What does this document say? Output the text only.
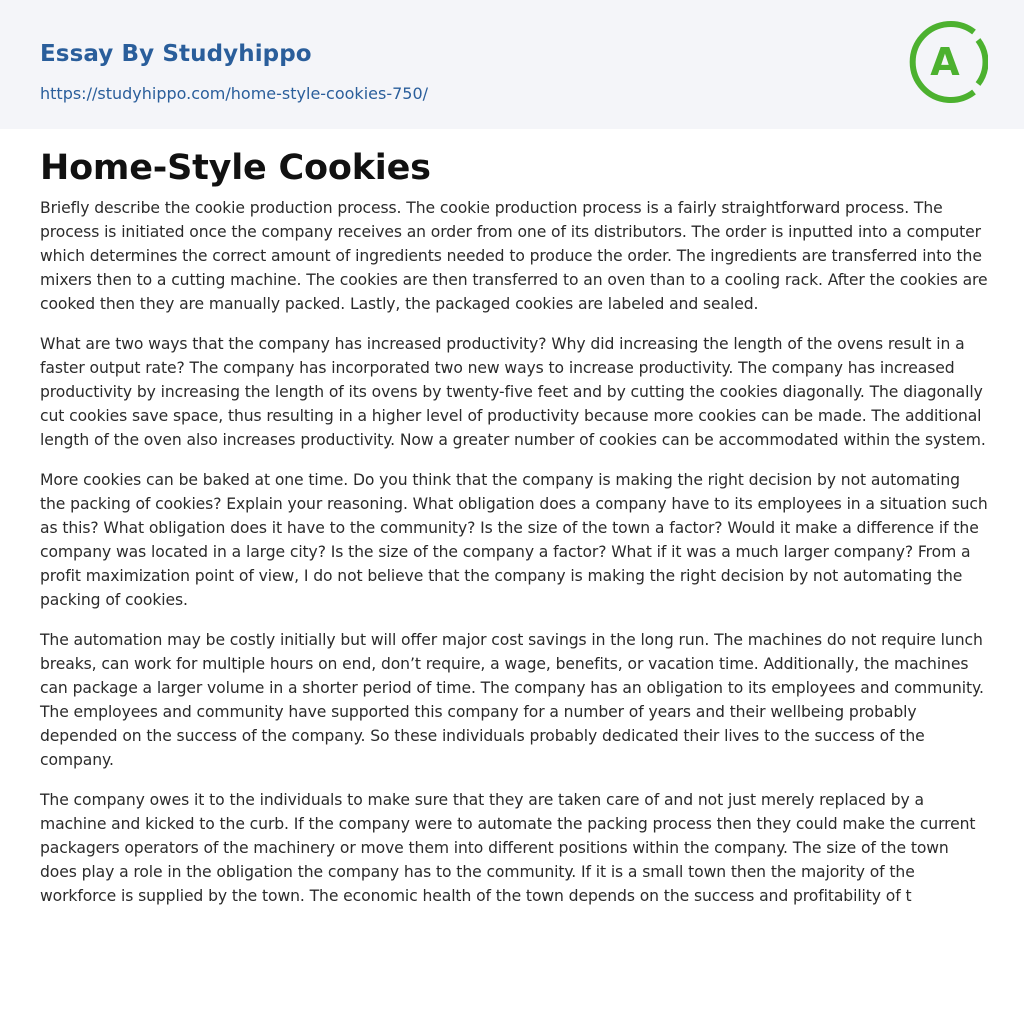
Essay By Studyhippo
https://studyhippo.com/home-style-cookies-750/
A
Home-Style Cookies

Briefly describe the cookie production process. The cookie production process is a fairly straightforward process. The process is initiated once the company receives an order from one of its distributors. The order is inputted into a computer which determines the correct amount of ingredients needed to produce the order. The ingredients are transferred into the mixers then to a cutting machine. The cookies are then transferred to an oven than to a cooling rack. After the cookies are cooked then they are manually packed. Lastly, the packaged cookies are labeled and sealed.

What are two ways that the company has increased productivity? Why did increasing the length of the ovens result in a faster output rate? The company has incorporated two new ways to increase productivity. The company has increased productivity by increasing the length of its ovens by twenty-five feet and by cutting the cookies diagonally. The diagonally cut cookies save space, thus resulting in a higher level of productivity because more cookies can be made. The additional length of the oven also increases productivity. Now a greater number of cookies can be accommodated within the system.

More cookies can be baked at one time. Do you think that the company is making the right decision by not automating the packing of cookies? Explain your reasoning. What obligation does a company have to its employees in a situation such as this? What obligation does it have to the community? Is the size of the town a factor? Would it make a difference if the company was located in a large city? Is the size of the company a factor? What if it was a much larger company? From a profit maximization point of view, I do not believe that the company is making the right decision by not automating the packing of cookies.

The automation may be costly initially but will offer major cost savings in the long run. The machines do not require lunch breaks, can work for multiple hours on end, don’t require, a wage, benefits, or vacation time. Additionally, the machines can package a larger volume in a shorter period of time. The company has an obligation to its employees and community. The employees and community have supported this company for a number of years and their wellbeing probably depended on the success of the company. So these individuals probably dedicated their lives to the success of the company.

The company owes it to the individuals to make sure that they are taken care of and not just merely replaced by a machine and kicked to the curb. If the company were to automate the packing process then they could make the current packagers operators of the machinery or move them into different positions within the company. The size of the town does play a role in the obligation the company has to the community. If it is a small town then the majority of the workforce is supplied by the town. The economic health of the town depends on the success and profitability of t
